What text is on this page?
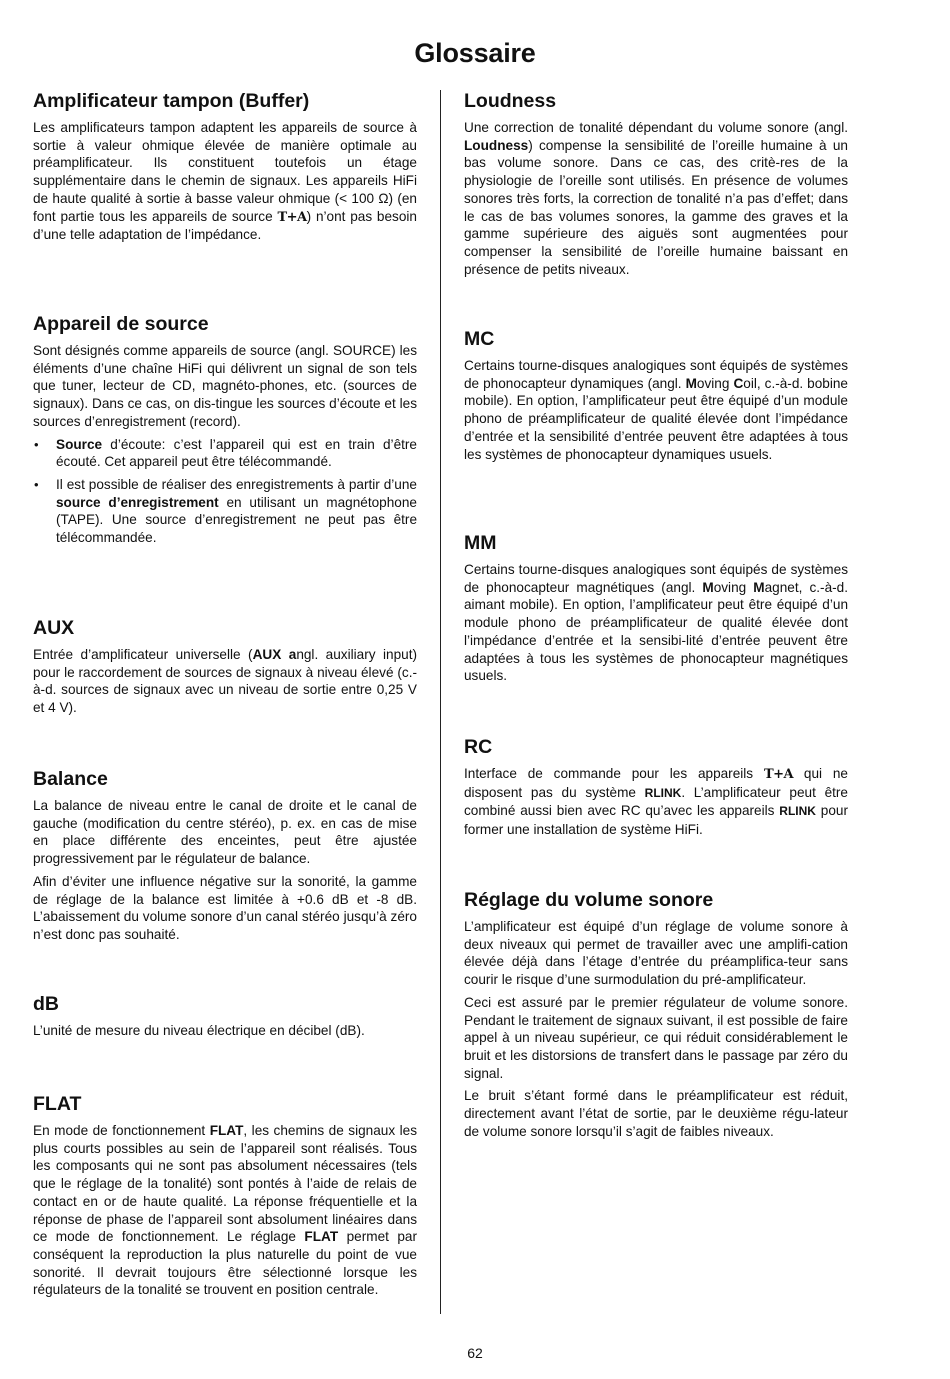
Glossaire
Amplificateur tampon (Buffer)

Les amplificateurs tampon adaptent les appareils de source à sortie à valeur ohmique élevée de manière optimale au préamplificateur. Ils constituent toutefois un étage supplémentaire dans le chemin de signaux. Les appareils HiFi de haute qualité à sortie à basse valeur ohmique (< 100 Ω) (en font partie tous les appareils de source T+A) n’ont pas besoin d’une telle adaptation de l’impédance.

Appareil de source

Sont désignés comme appareils de source (angl. SOURCE) les éléments d’une chaîne HiFi qui délivrent un signal de son tels que tuner, lecteur de CD, magnéto-phones, etc. (sources de signaux). Dans ce cas, on dis-tingue les sources d’écoute et les sources d’enregistrement (record).

• Source d’écoute: c’est l’appareil qui est en train d’être écouté. Cet appareil peut être télécommandé.
• Il est possible de réaliser des enregistrements à partir d’une source d’enregistrement en utilisant un magnétophone (TAPE). Une source d’enregistrement ne peut pas être télécommandée.
AUX

Entrée d’amplificateur universelle (AUX angl. auxiliary input) pour le raccordement de sources de signaux à niveau élevé (c.-à-d. sources de signaux avec un niveau de sortie entre 0,25 V et 4 V).

Balance

La balance de niveau entre le canal de droite et le canal de gauche (modification du centre stéréo), p. ex. en cas de mise en place différente des enceintes, peut être ajustée progressivement par le régulateur de balance.

Afin d’éviter une influence négative sur la sonorité, la gamme de réglage de la balance est limitée à +0.6 dB et -8 dB. L’abaissement du volume sonore d’un canal stéréo jusqu’à zéro n’est donc pas souhaité.

dB

L’unité de mesure du niveau électrique en décibel (dB).

FLAT

En mode de fonctionnement FLAT, les chemins de signaux les plus courts possibles au sein de l’appareil sont réalisés. Tous les composants qui ne sont pas absolument nécessaires (tels que le réglage de la tonalité) sont pontés à l’aide de relais de contact en or de haute qualité. La réponse fréquentielle et la réponse de phase de l’appareil sont absolument linéaires dans ce mode de fonctionnement. Le réglage FLAT permet par conséquent la reproduction la plus naturelle du point de vue sonorité. Il devrait toujours être sélectionné lorsque les régulateurs de la tonalité se trouvent en position centrale.

Loudness

Une correction de tonalité dépendant du volume sonore (angl. Loudness) compense la sensibilité de l’oreille humaine à un bas volume sonore. Dans ce cas, des critè-res de la physiologie de l’oreille sont utilisés. En présence de volumes sonores très forts, la correction de tonalité n’a pas d’effet; dans le cas de bas volumes sonores, la gamme des graves et la gamme supérieure des aiguës sont augmentées pour compenser la sensibilité de l’oreille humaine baissant en présence de petits niveaux.

MC

Certains tourne-disques analogiques sont équipés de systèmes de phonocapteur dynamiques (angl. Moving Coil, c.-à-d. bobine mobile). En option, l’amplificateur peut être équipé d’un module phono de préamplificateur de qualité élevée dont l’impédance d’entrée et la sensibilité d’entrée peuvent être adaptées à tous les systèmes de phonocapteur dynamiques usuels.

MM

Certains tourne-disques analogiques sont équipés de systèmes de phonocapteur magnétiques (angl. Moving Magnet, c.-à-d. aimant mobile). En option, l’amplificateur peut être équipé d’un module phono de préamplificateur de qualité élevée dont l’impédance d’entrée et la sensibi-lité d’entrée peuvent être adaptées à tous les systèmes de phonocapteur magnétiques usuels.

RC

Interface de commande pour les appareils T+A qui ne disposent pas du système RLINK. L’amplificateur peut être combiné aussi bien avec RC qu’avec les appareils RLINK pour former une installation de système HiFi.

Réglage du volume sonore

L’amplificateur est équipé d’un réglage de volume sonore à deux niveaux qui permet de travailler avec une amplifi-cation élevée déjà dans l’étage d’entrée du préamplifica-teur sans courir le risque d’une surmodulation du pré-amplificateur.

Ceci est assuré par le premier régulateur de volume sonore. Pendant le traitement de signaux suivant, il est possible de faire appel à un niveau supérieur, ce qui réduit considérablement le bruit et les distorsions de transfert dans le passage par zéro du signal.

Le bruit s’étant formé dans le préamplificateur est réduit, directement avant l’état de sortie, par le deuxième régu-lateur de volume sonore lorsqu’il s’agit de faibles niveaux.

62
